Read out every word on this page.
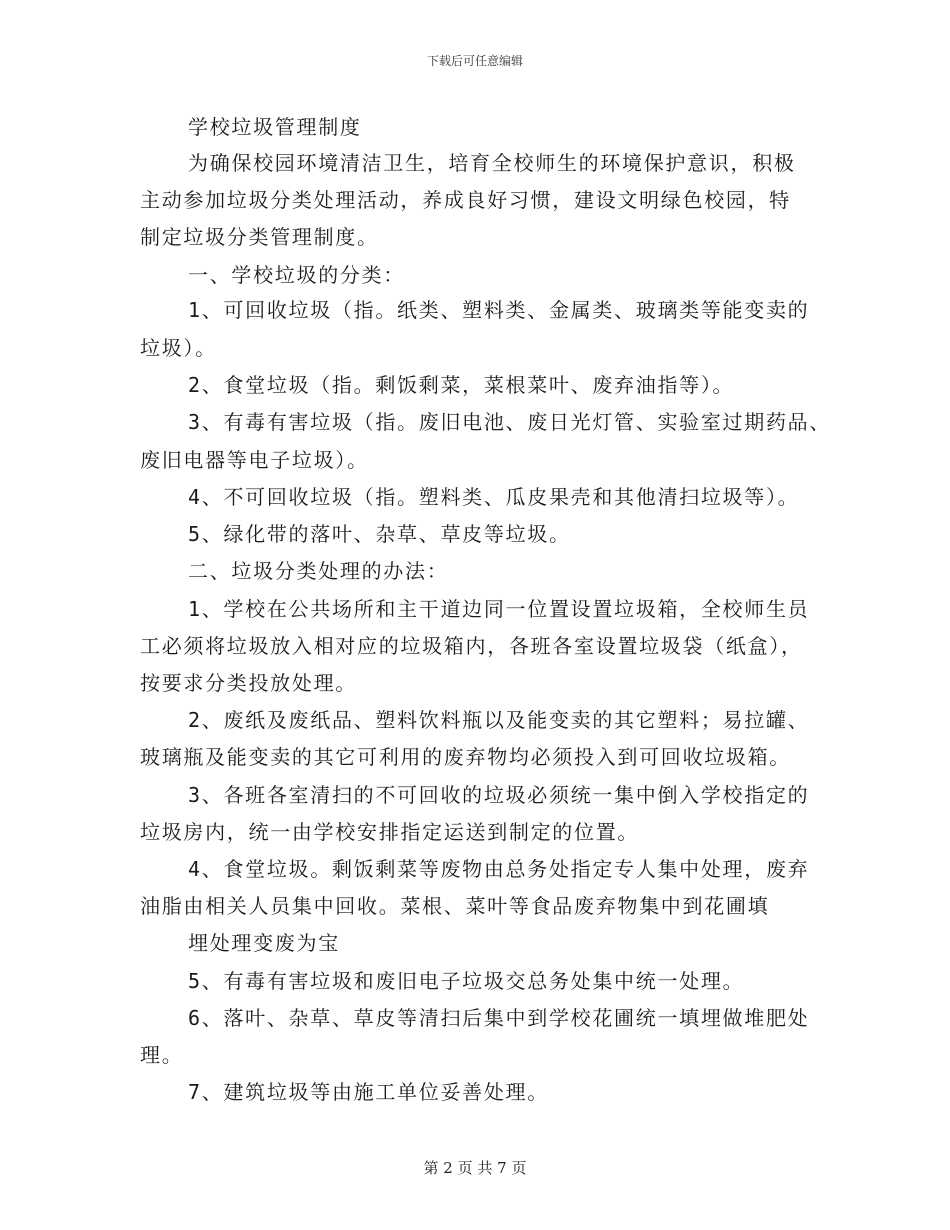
下载后可任意编辑
学校垃圾管理制度
为确保校园环境清洁卫生，培育全校师生的环境保护意识，积极
主动参加垃圾分类处理活动，养成良好习惯，建设文明绿色校园，特
制定垃圾分类管理制度。
一、学校垃圾的分类：
1、可回收垃圾（指。纸类、塑料类、金属类、玻璃类等能变卖的
垃圾）。
2、食堂垃圾（指。剩饭剩菜，菜根菜叶、废弃油指等）。
3、有毒有害垃圾（指。废旧电池、废日光灯管、实验室过期药品、
废旧电器等电子垃圾）。
4、不可回收垃圾（指。塑料类、瓜皮果壳和其他清扫垃圾等）。
5、绿化带的落叶、杂草、草皮等垃圾。
二、垃圾分类处理的办法：
1、学校在公共场所和主干道边同一位置设置垃圾箱，全校师生员
工必须将垃圾放入相对应的垃圾箱内，各班各室设置垃圾袋（纸盒），
按要求分类投放处理。
2、废纸及废纸品、塑料饮料瓶以及能变卖的其它塑料；易拉罐、
玻璃瓶及能变卖的其它可利用的废弃物均必须投入到可回收垃圾箱。
3、各班各室清扫的不可回收的垃圾必须统一集中倒入学校指定的
垃圾房内，统一由学校安排指定运送到制定的位置。
4、食堂垃圾。剩饭剩菜等废物由总务处指定专人集中处理，废弃
油脂由相关人员集中回收。菜根、菜叶等食品废弃物集中到花圃填
埋处理变废为宝
5、有毒有害垃圾和废旧电子垃圾交总务处集中统一处理。
6、落叶、杂草、草皮等清扫后集中到学校花圃统一填埋做堆肥处
理。
7、建筑垃圾等由施工单位妥善处理。
第 2 页 共 7 页
